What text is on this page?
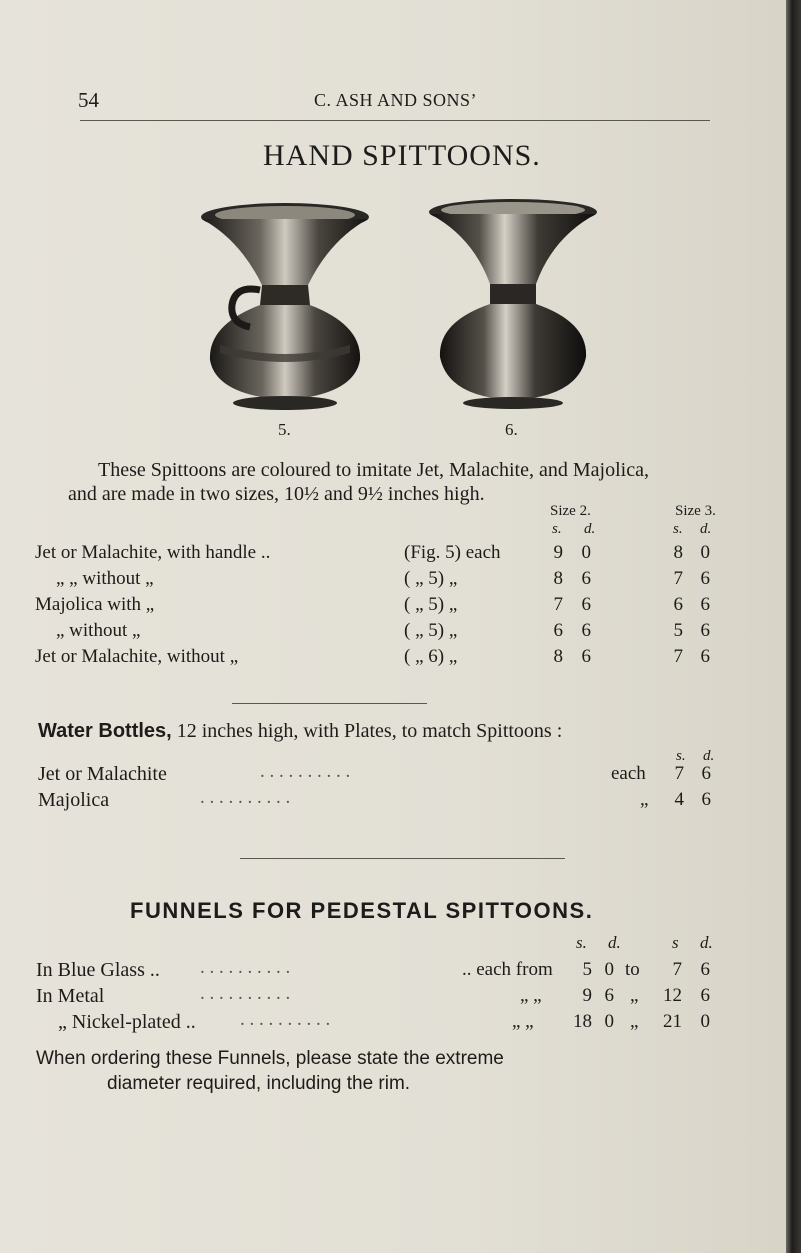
54	C. ASH AND SONS’
HAND SPITTOONS.
5.	6.
These Spittoons are coloured to imitate Jet, Malachite, and Majolica,
and are made in two sizes, 10½ and 9½ inches high.
Size 2.	Size 3.
s. d.	s. d.
Jet or Malachite, with handle ..	(Fig. 5) each	9 0	8 0
„ „ without „	( „ 5) „	8 6	7 6
Majolica with „	( „ 5) „	7 6	6 6
„ without „	( „ 5) „	6 6	5 6
Jet or Malachite, without „	( „ 6) „	8 6	7 6
Water Bottles, 12 inches high, with Plates, to match Spittoons :
s. d.
Jet or Malachite	. . . . . . . . . .	each 7 6
Majolica	. . . . . . . . . .	„ 4 6
FUNNELS FOR PEDESTAL SPITTOONS.
s. d.	s d.
In Blue Glass .. . . . . . . . . . .	.. each from	5 0 to	7 6
In Metal	. . . . . . . . . .	„ „	9 6 „ 12 6
„ Nickel-plated .. . . . . . . . . . .	„ „	18 0 „ 21 0
When ordering these Funnels, please state the extreme
diameter required, including the rim.
